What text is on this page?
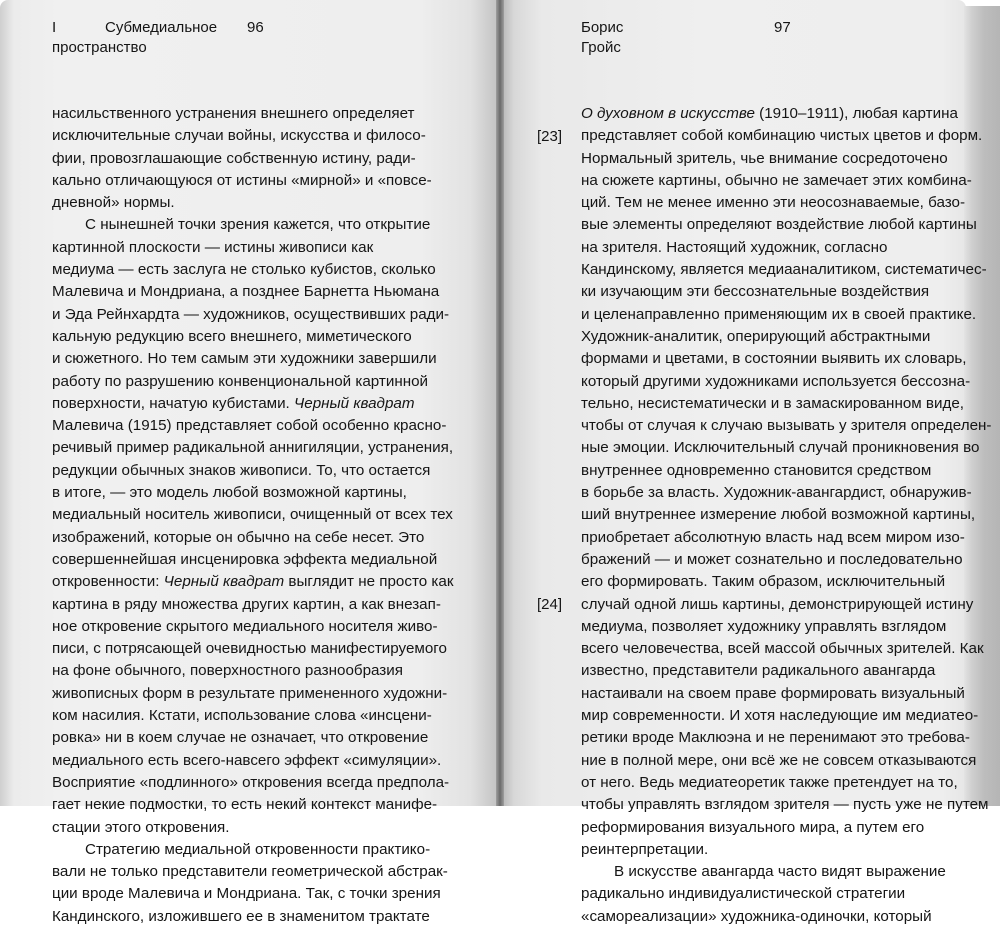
I	Субмедиальное
пространство
96	Борис
Гройс
97
насильственного устранения внешнего определяет
исключительные случаи войны, искусства и филосо-
фии, провозглашающие собственную истину, ради-
кально отличающуюся от истины «мирной» и «повсе-
дневной» нормы.
С нынешней точки зрения кажется, что открытие
картинной плоскости — истины живописи как
медиума — есть заслуга не столько кубистов, сколько
Малевича и Мондриана, а позднее Барнетта Ньюмана
и Эда Рейнхардта — художников, осуществивших ради-
кальную редукцию всего внешнего, миметического
и сюжетного. Но тем самым эти художники завершили
работу по разрушению конвенциональной картинной
поверхности, начатую кубистами. Черный квадрат
Малевича (1915) представляет собой особенно красно-
речивый пример радикальной аннигиляции, устранения,
редукции обычных знаков живописи. То, что остается
в итоге, — это модель любой возможной картины,
медиальный носитель живописи, очищенный от всех тех
изображений, которые он обычно на себе несет. Это
совершеннейшая инсценировка эффекта медиальной
откровенности: Черный квадрат выглядит не просто как
картина в ряду множества других картин, а как внезап-
ное откровение скрытого медиального носителя живо-
писи, с потрясающей очевидностью манифестируемого
на фоне обычного, поверхностного разнообразия
живописных форм в результате примененного художни-
ком насилия. Кстати, использование слова «инсцени-
ровка» ни в коем случае не означает, что откровение
медиального есть всего-навсего эффект «симуляции».
Восприятие «подлинного» откровения всегда предпола-
гает некие подмостки, то есть некий контекст манифе-
стации этого откровения.
Стратегию медиальной откровенности практико-
вали не только представители геометрической абстрак-
ции вроде Малевича и Мондриана. Так, с точки зрения
Кандинского, изложившего ее в знаменитом трактате
[23]
[24]
О духовном в искусстве (1910–1911), любая картина
представляет собой комбинацию чистых цветов и форм.
Нормальный зритель, чье внимание сосредоточено
на сюжете картины, обычно не замечает этих комбина-
ций. Тем не менее именно эти неосознаваемые, базо-
вые элементы определяют воздействие любой картины
на зрителя. Настоящий художник, согласно
Кандинскому, является медиааналитиком, систематичес-
ки изучающим эти бессознательные воздействия
и целенаправленно применяющим их в своей практике.
Художник-аналитик, оперирующий абстрактными
формами и цветами, в состоянии выявить их словарь,
который другими художниками используется бессозна-
тельно, несистематически и в замаскированном виде,
чтобы от случая к случаю вызывать у зрителя определен-
ные эмоции. Исключительный случай проникновения во
внутреннее одновременно становится средством
в борьбе за власть. Художник-авангардист, обнаружив-
ший внутреннее измерение любой возможной картины,
приобретает абсолютную власть над всем миром изо-
бражений — и может сознательно и последовательно
его формировать. Таким образом, исключительный
случай одной лишь картины, демонстрирующей истину
медиума, позволяет художнику управлять взглядом
всего человечества, всей массой обычных зрителей. Как
известно, представители радикального авангарда
настаивали на своем праве формировать визуальный
мир современности. И хотя наследующие им медиатео-
ретики вроде Маклюэна и не перенимают это требова-
ние в полной мере, они всё же не совсем отказываются
от него. Ведь медиатеоретик также претендует на то,
чтобы управлять взглядом зрителя — пусть уже не путем
реформирования визуального мира, а путем его
реинтерпретации.
В искусстве авангарда часто видят выражение
радикально индивидуалистической стратегии
«самореализации» художника-одиночки, который
